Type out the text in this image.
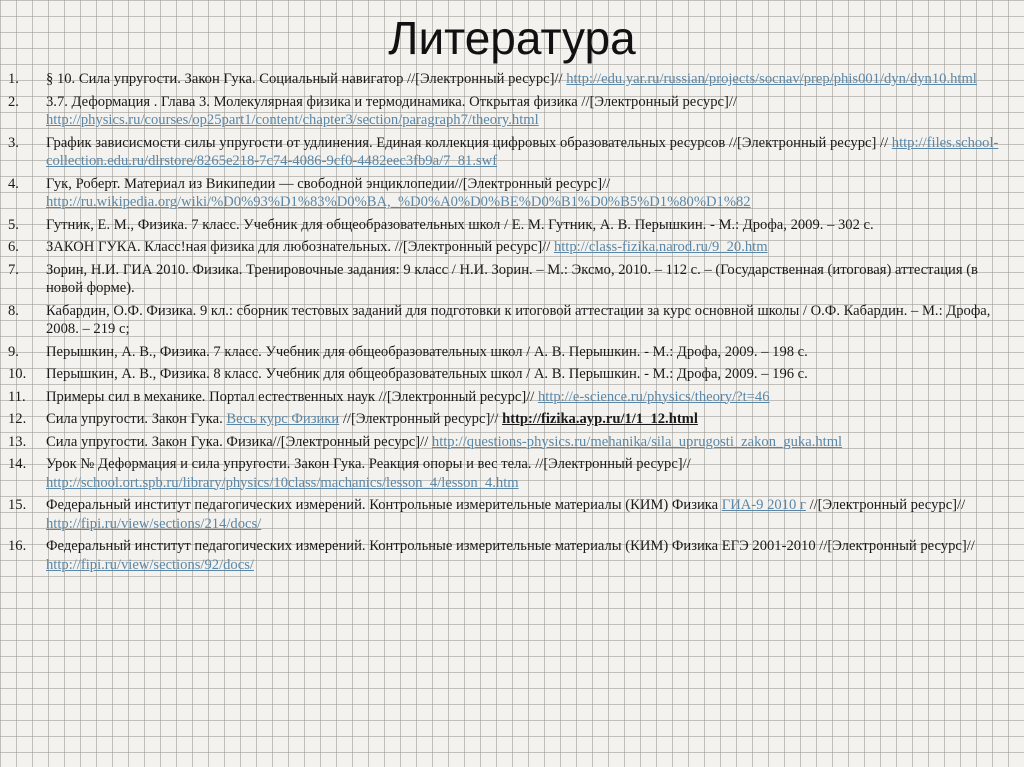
Литература
1.	§ 10. Сила упругости. Закон Гука. Социальный навигатор //[Электронный ресурс]// http://edu.yar.ru/russian/projects/socnav/prep/phis001/dyn/dyn10.html
2.	3.7. Деформация . Глава 3. Молекулярная физика и термодинамика. Открытая физика //[Электронный ресурс]// http://physics.ru/courses/op25part1/content/chapter3/section/paragraph7/theory.html
3.	График зависисмости силы упругости от удлинения. Единая коллекция цифровых образовательных ресурсов //[Электронный ресурс] // http://files.school-collection.edu.ru/dlrstore/8265e218-7c74-4086-9cf0-4482eec3fb9a/7_81.swf
4.	Гук, Роберт. Материал из Википедии — свободной энциклопедии//[Электронный ресурс]// http://ru.wikipedia.org/wiki/%D0%93%D1%83%D0%BA,_%D0%A0%D0%BE%D0%B1%D0%B5%D1%80%D1%82
5.	Гутник, Е. М., Физика. 7 класс. Учебник для общеобразовательных школ / Е. М. Гутник, А. В. Перышкин. - М.: Дрофа, 2009. – 302 с.
6.	ЗАКОН ГУКА. Класс!ная физика для любознательных. //[Электронный ресурс]// http://class-fizika.narod.ru/9_20.htm
7.	Зорин, Н.И. ГИА 2010. Физика. Тренировочные задания: 9 класс / Н.И. Зорин. – М.: Эксмо, 2010. – 112 с. – (Государственная (итоговая) аттестация (в новой форме).
8.	Кабардин, О.Ф. Физика. 9 кл.: сборник тестовых заданий для подготовки к итоговой аттестации за курс основной школы / О.Ф. Кабардин. – М.: Дрофа, 2008. – 219 с;
9.	Перышкин, А. В., Физика. 7 класс. Учебник для общеобразовательных школ / А. В. Перышкин. - М.: Дрофа, 2009. – 198 с.
10.	Перышкин, А. В., Физика. 8 класс. Учебник для общеобразовательных школ / А. В. Перышкин. - М.: Дрофа, 2009. – 196 с.
11.	Примеры сил в механике. Портал естественных наук //[Электронный ресурс]// http://e-science.ru/physics/theory/?t=46
12.	Сила упругости. Закон Гука. Весь курс Физики //[Электронный ресурс]// http://fizika.ayp.ru/1/1_12.html
13.	Сила упругости. Закон Гука. Физика//[Электронный ресурс]// http://questions-physics.ru/mehanika/sila_uprugosti_zakon_guka.html
14.	Урок № Деформация и сила упругости. Закон Гука. Реакция опоры и вес тела. //[Электронный ресурс]// http://school.ort.spb.ru/library/physics/10class/machanics/lesson_4/lesson_4.htm
15.	Федеральный институт педагогических измерений. Контрольные измерительные материалы (КИМ) Физика ГИА-9 2010 г //[Электронный ресурс]// http://fipi.ru/view/sections/214/docs/
16.	Федеральный институт педагогических измерений. Контрольные измерительные материалы (КИМ) Физика ЕГЭ 2001-2010 //[Электронный ресурс]// http://fipi.ru/view/sections/92/docs/
